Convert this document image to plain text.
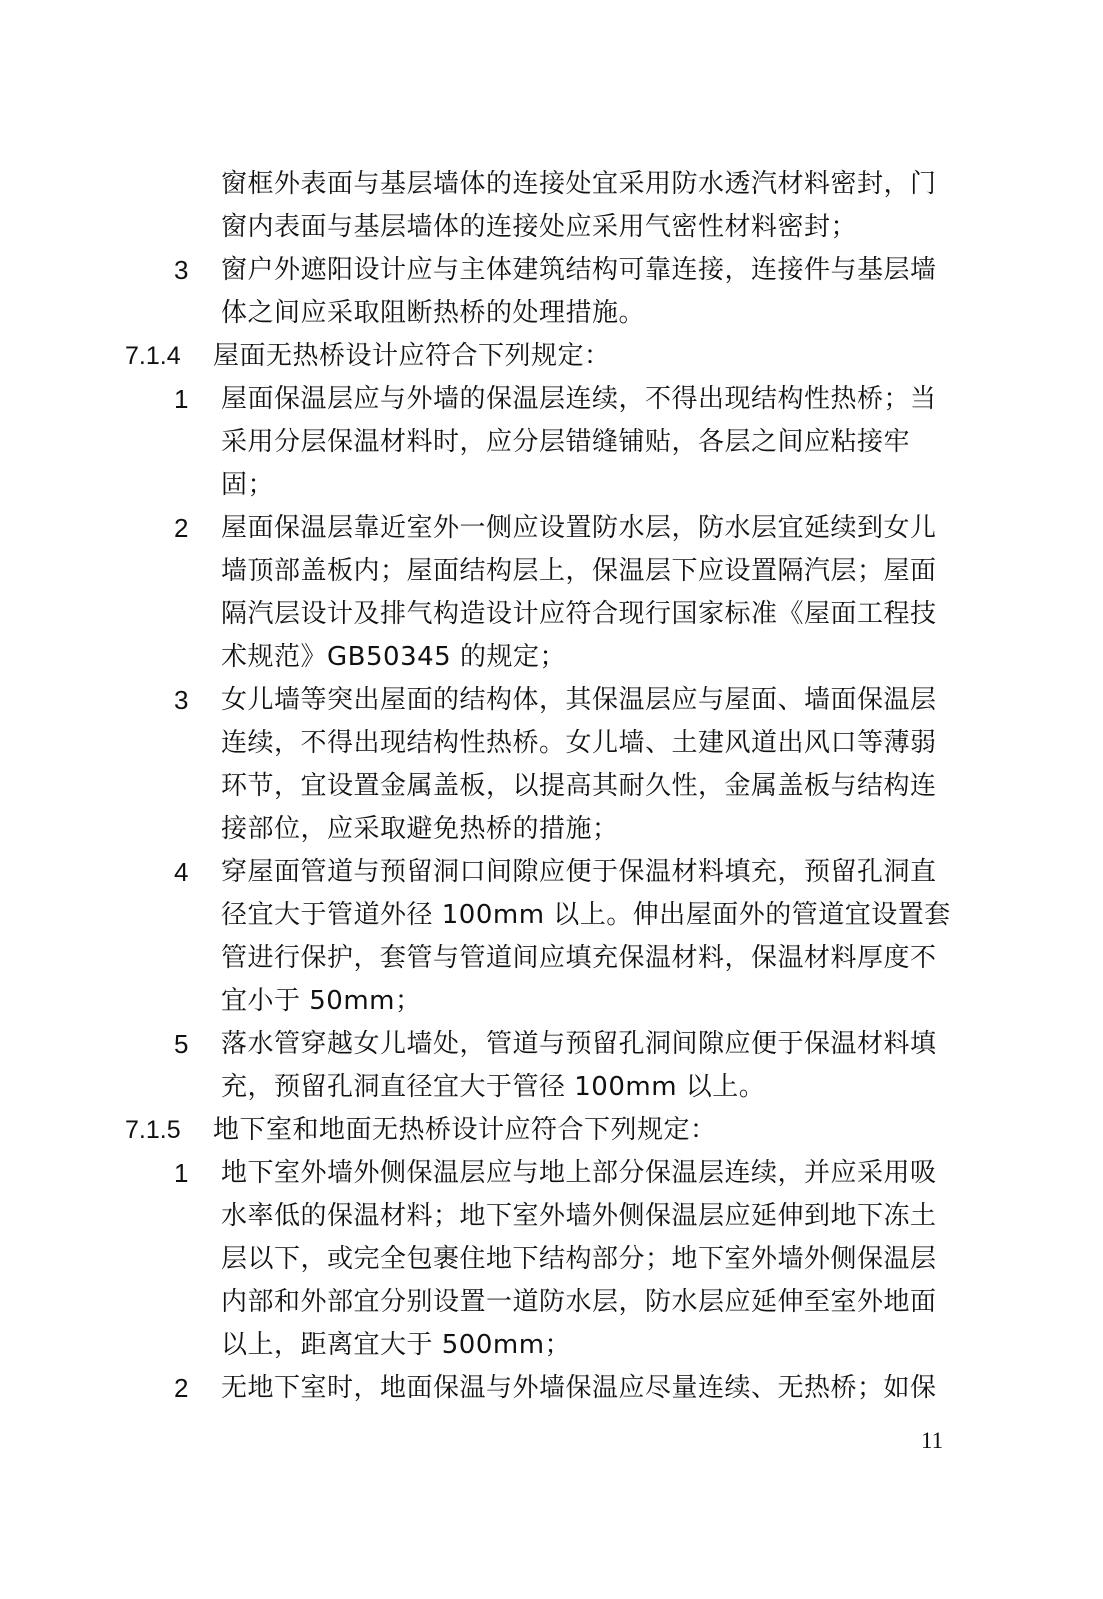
窗框外表面与基层墙体的连接处宜采用防水透汽材料密封，门
窗内表面与基层墙体的连接处应采用气密性材料密封；
3	窗户外遮阳设计应与主体建筑结构可靠连接，连接件与基层墙
体之间应采取阻断热桥的处理措施。
7.1.4 屋面无热桥设计应符合下列规定：
1	屋面保温层应与外墙的保温层连续，不得出现结构性热桥；当
采用分层保温材料时，应分层错缝铺贴，各层之间应粘接牢
固；
2	屋面保温层靠近室外一侧应设置防水层，防水层宜延续到女儿
墙顶部盖板内；屋面结构层上，保温层下应设置隔汽层；屋面
隔汽层设计及排气构造设计应符合现行国家标准《屋面工程技
术规范》GB50345 的规定；
3	女儿墙等突出屋面的结构体，其保温层应与屋面、墙面保温层
连续，不得出现结构性热桥。女儿墙、土建风道出风口等薄弱
环节，宜设置金属盖板，以提高其耐久性，金属盖板与结构连
接部位，应采取避免热桥的措施；
4	穿屋面管道与预留洞口间隙应便于保温材料填充，预留孔洞直
径宜大于管道外径 100mm 以上。伸出屋面外的管道宜设置套
管进行保护，套管与管道间应填充保温材料，保温材料厚度不
宜小于 50mm；
5	落水管穿越女儿墙处，管道与预留孔洞间隙应便于保温材料填
充，预留孔洞直径宜大于管径 100mm 以上。
7.1.5 地下室和地面无热桥设计应符合下列规定：
1	地下室外墙外侧保温层应与地上部分保温层连续，并应采用吸
水率低的保温材料；地下室外墙外侧保温层应延伸到地下冻土
层以下，或完全包裹住地下结构部分；地下室外墙外侧保温层
内部和外部宜分别设置一道防水层，防水层应延伸至室外地面
以上，距离宜大于 500mm；
2	无地下室时，地面保温与外墙保温应尽量连续、无热桥；如保
11
